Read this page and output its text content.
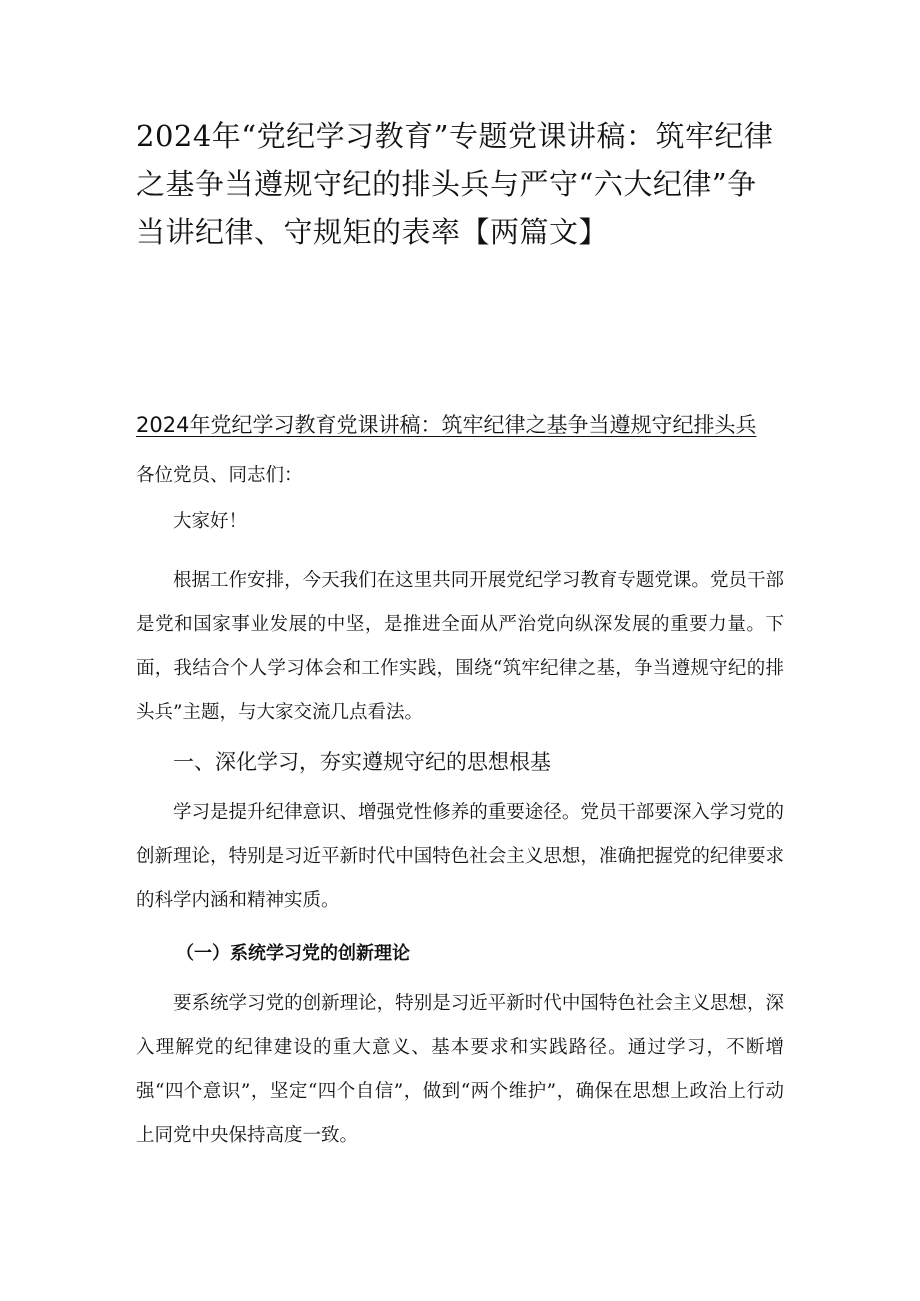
2024年“党纪学习教育”专题党课讲稿：筑牢纪律之基争当遵规守纪的排头兵与严守“六大纪律”争当讲纪律、守规矩的表率【两篇文】
2024年党纪学习教育党课讲稿：筑牢纪律之基争当遵规守纪排头兵

各位党员、同志们：

大家好！

根据工作安排，今天我们在这里共同开展党纪学习教育专题党课。党员干部是党和国家事业发展的中坚，是推进全面从严治党向纵深发展的重要力量。下面，我结合个人学习体会和工作实践，围绕“筑牢纪律之基，争当遵规守纪的排头兵”主题，与大家交流几点看法。

一、深化学习，夯实遵规守纪的思想根基

学习是提升纪律意识、增强党性修养的重要途径。党员干部要深入学习党的创新理论，特别是习近平新时代中国特色社会主义思想，准确把握党的纪律要求的科学内涵和精神实质。

（一）系统学习党的创新理论

要系统学习党的创新理论，特别是习近平新时代中国特色社会主义思想，深入理解党的纪律建设的重大意义、基本要求和实践路径。通过学习，不断增强“四个意识”，坚定“四个自信”，做到“两个维护”，确保在思想上政治上行动上同党中央保持高度一致。
